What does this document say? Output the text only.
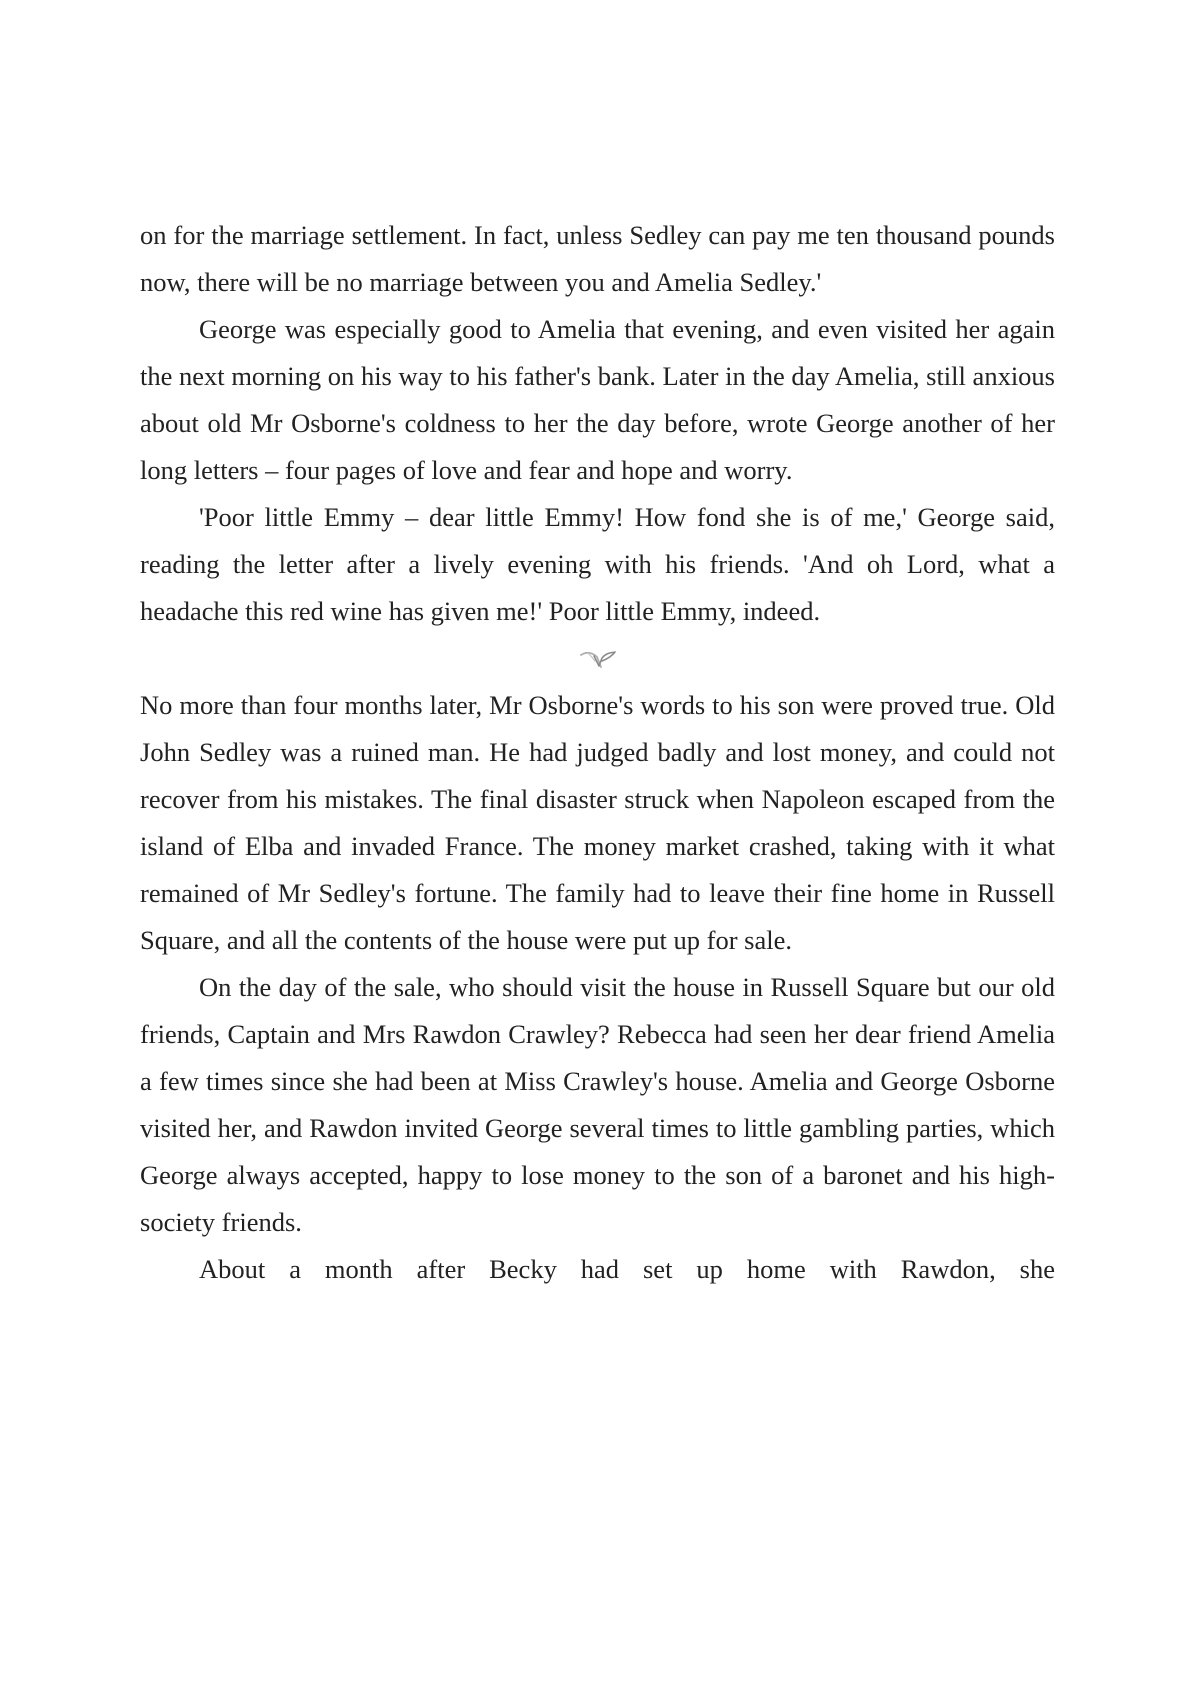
on for the marriage settlement. In fact, unless Sedley can pay me ten thousand pounds now, there will be no marriage between you and Amelia Sedley.'

George was especially good to Amelia that evening, and even visited her again the next morning on his way to his father's bank. Later in the day Amelia, still anxious about old Mr Osborne's coldness to her the day before, wrote George another of her long letters – four pages of love and fear and hope and worry.

'Poor little Emmy – dear little Emmy! How fond she is of me,' George said, reading the letter after a lively evening with his friends. 'And oh Lord, what a headache this red wine has given me!' Poor little Emmy, indeed.

No more than four months later, Mr Osborne's words to his son were proved true. Old John Sedley was a ruined man. He had judged badly and lost money, and could not recover from his mistakes. The final disaster struck when Napoleon escaped from the island of Elba and invaded France. The money market crashed, taking with it what remained of Mr Sedley's fortune. The family had to leave their fine home in Russell Square, and all the contents of the house were put up for sale.

On the day of the sale, who should visit the house in Russell Square but our old friends, Captain and Mrs Rawdon Crawley? Rebecca had seen her dear friend Amelia a few times since she had been at Miss Crawley's house. Amelia and George Osborne visited her, and Rawdon invited George several times to little gambling parties, which George always accepted, happy to lose money to the son of a baronet and his high-society friends.

About a month after Becky had set up home with Rawdon, she
